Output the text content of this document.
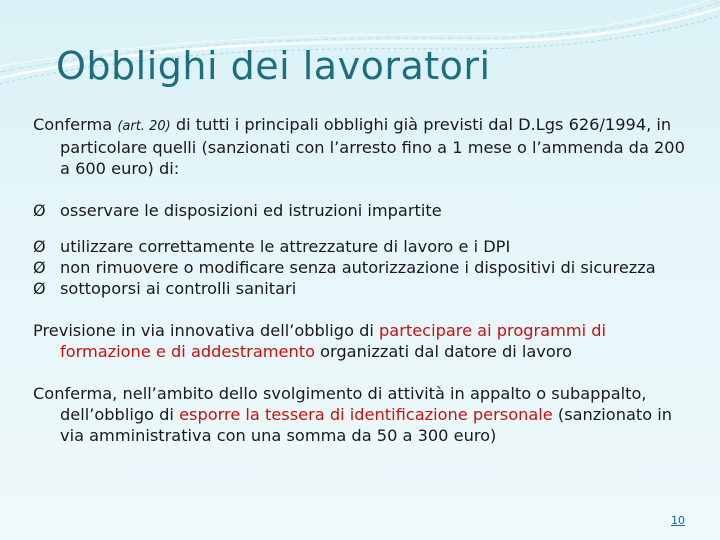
Obblighi dei lavoratori

Conferma (art. 20) di tutti i principali obblighi già previsti dal D.Lgs 626/1994, in particolare quelli (sanzionati con l’arresto fino a 1 mese o l’ammenda da 200 a 600 euro) di:

Ø osservare le disposizioni ed istruzioni impartite
Ø utilizzare correttamente le attrezzature di lavoro e i DPI
Ø non rimuovere o modificare senza autorizzazione i dispositivi di sicurezza
Ø sottoporsi ai controlli sanitari

Previsione in via innovativa dell’obbligo di partecipare ai programmi di formazione e di addestramento organizzati dal datore di lavoro

Conferma, nell’ambito dello svolgimento di attività in appalto o subappalto, dell’obbligo di esporre la tessera di identificazione personale (sanzionato in via amministrativa con una somma da 50 a 300 euro)

10
